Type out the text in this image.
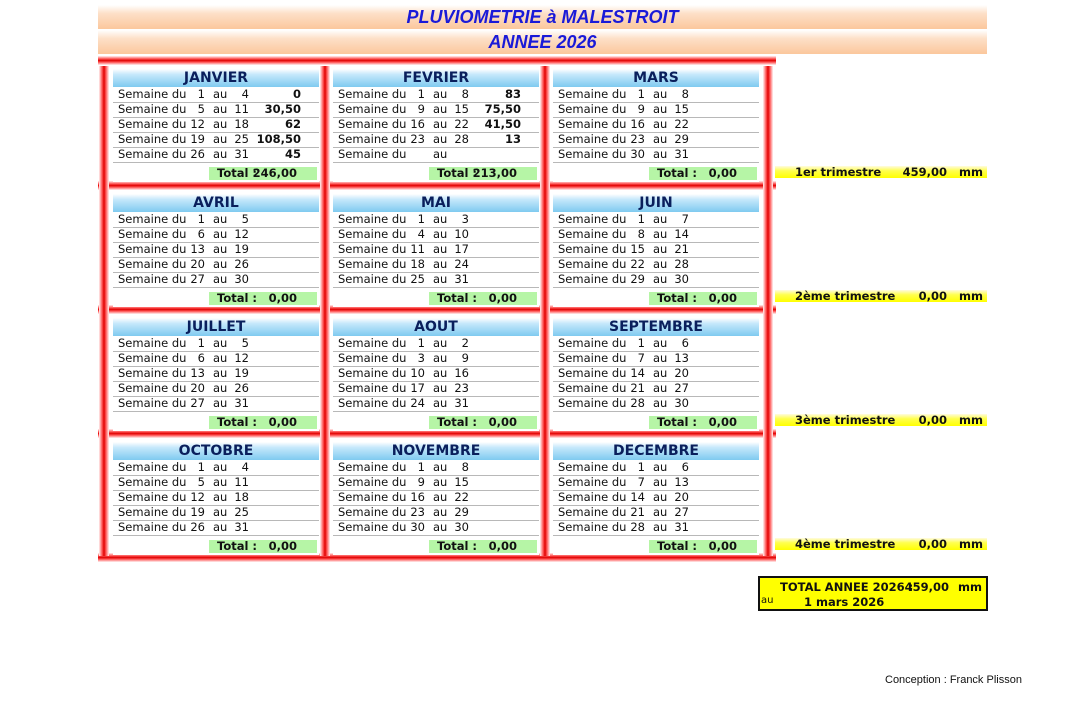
PLUVIOMETRIE à MALESTROIT
ANNEE 2026
JANVIER
Semaine du 1 au	4	0
Semaine du 5 au 11	30,50
Semaine du 12 au 18	62
Semaine du 19 au 25 108,50
Semaine du 26 au 31	45
Total :
246,00
FEVRIER
Semaine du 1 au	8	83
Semaine du 9 au 15	75,50
Semaine du 16 au 22	41,50
Semaine du 23 au 28	13
Semaine du au
Total :
213,00
MARS
Semaine du 1 au	8
Semaine du 9 au 15
Semaine du 16 au 22
Semaine du 23 au 29
Semaine du 30 au 31
Total : 0,00
AVRIL
Semaine du 1 au	5
Semaine du 6 au 12
Semaine du 13 au 19
Semaine du 20 au 26
Semaine du 27 au 30
Total : 0,00
MAI
Semaine du 1 au	3
Semaine du 4 au 10
Semaine du 11 au 17
Semaine du 18 au 24
Semaine du 25 au 31
Total : 0,00
JUIN
Semaine du 1 au	7
Semaine du 8 au 14
Semaine du 15 au 21
Semaine du 22 au 28
Semaine du 29 au 30
Total : 0,00
JUILLET
Semaine du 1 au	5
Semaine du 6 au 12
Semaine du 13 au 19
Semaine du 20 au 26
Semaine du 27 au 31
Total : 0,00
AOUT
Semaine du 1 au	2
Semaine du 3 au	9
Semaine du 10 au 16
Semaine du 17 au 23
Semaine du 24 au 31
Total : 0,00
SEPTEMBRE
Semaine du 1 au	6
Semaine du 7 au 13
Semaine du 14 au 20
Semaine du 21 au 27
Semaine du 28 au 30
Total : 0,00
OCTOBRE
Semaine du 1 au	4
Semaine du 5 au 11
Semaine du 12 au 18
Semaine du 19 au 25
Semaine du 26 au 31
Total : 0,00
NOVEMBRE
Semaine du 1 au	8
Semaine du 9 au 15
Semaine du 16 au 22
Semaine du 23 au 29
Semaine du 30 au 30
Total : 0,00
DECEMBRE
Semaine du 1 au	6
Semaine du 7 au 13
Semaine du 14 au 20
Semaine du 21 au 27
Semaine du 28 au 31
Total : 0,00
1er trimestre 459,00 mm
2ème trimestre 0,00 mm
3ème trimestre 0,00 mm
4ème trimestre 0,00 mm
TOTAL ANNEE 2026 :
459,00 mm
au	1 mars 2026
Conception : Franck Plisson
